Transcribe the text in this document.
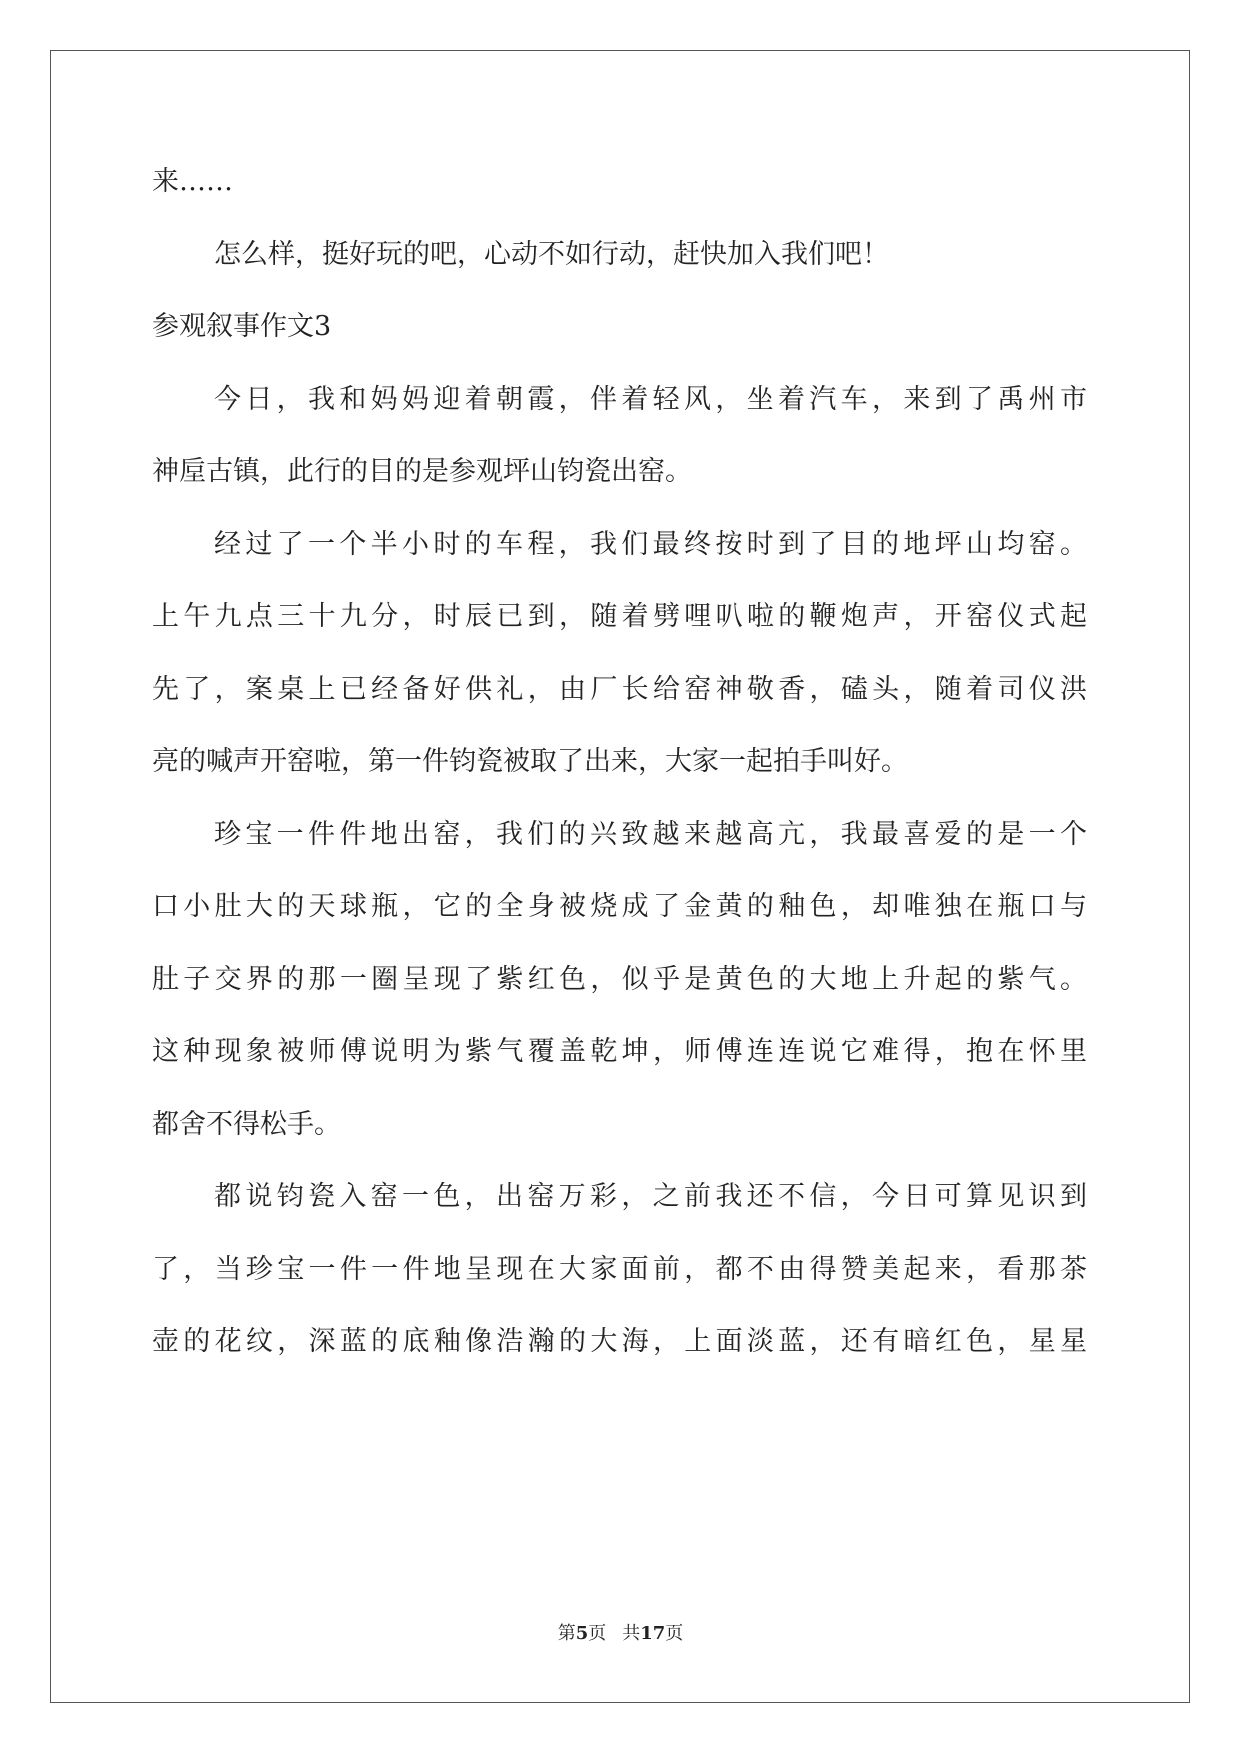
来……
怎么样，挺好玩的吧，心动不如行动，赶快加入我们吧！
参观叙事作文3
今日，我和妈妈迎着朝霞，伴着轻风，坐着汽车，来到了禹州市
神垕古镇，此行的目的是参观坪山钧瓷出窑。
经过了一个半小时的车程，我们最终按时到了目的地坪山均窑。
上午九点三十九分，时辰已到，随着劈哩叭啦的鞭炮声，开窑仪式起
先了，案桌上已经备好供礼，由厂长给窑神敬香，磕头，随着司仪洪
亮的喊声开窑啦，第一件钧瓷被取了出来，大家一起拍手叫好。
珍宝一件件地出窑，我们的兴致越来越高亢，我最喜爱的是一个
口小肚大的天球瓶，它的全身被烧成了金黄的釉色，却唯独在瓶口与
肚子交界的那一圈呈现了紫红色，似乎是黄色的大地上升起的紫气。
这种现象被师傅说明为紫气覆盖乾坤，师傅连连说它难得，抱在怀里
都舍不得松手。
都说钧瓷入窑一色，出窑万彩，之前我还不信，今日可算见识到
了，当珍宝一件一件地呈现在大家面前，都不由得赞美起来，看那茶
壶的花纹，深蓝的底釉像浩瀚的大海，上面淡蓝，还有暗红色，星星
第5页 共17页
